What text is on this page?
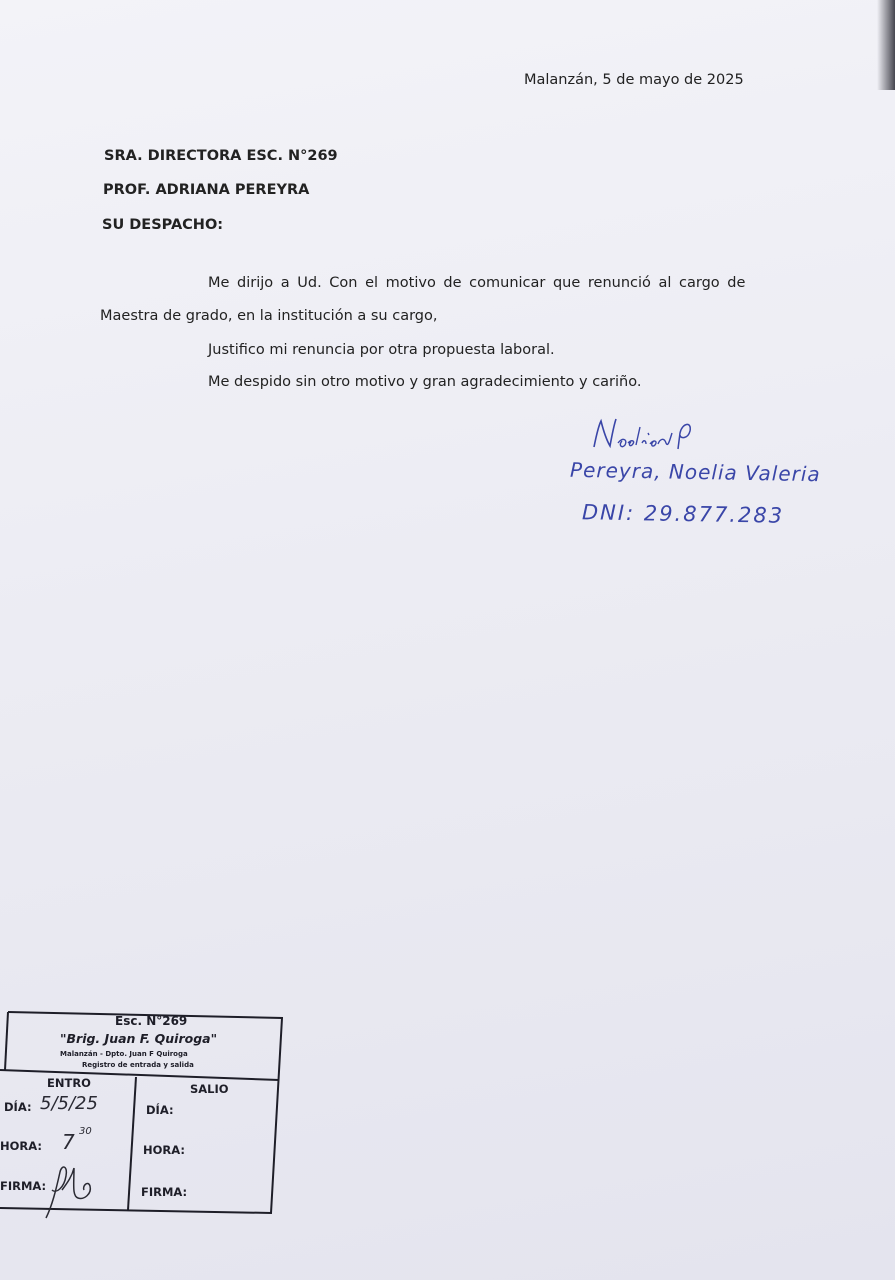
Malanzán, 5 de mayo de 2025
SRA. DIRECTORA ESC. N°269
PROF. ADRIANA PEREYRA
SU DESPACHO:
Me dirijo a Ud. Con el motivo de comunicar que renunció al cargo de
Maestra de grado, en la institución a su cargo,
Justifico mi renuncia por otra propuesta laboral.
Me despido sin otro motivo y gran agradecimiento y cariño.
Pereyra, Noelia Valeria
DNI: 29.877.283
Esc. N°269
"Brig. Juan F. Quiroga"
Malanzán - Dpto. Juan F Quiroga
Registro de entrada y salida
ENTRO	SALIO
DÍA:
HORA:
FIRMA:
DÍA:
HORA:
FIRMA:
5/5/25
7 30
